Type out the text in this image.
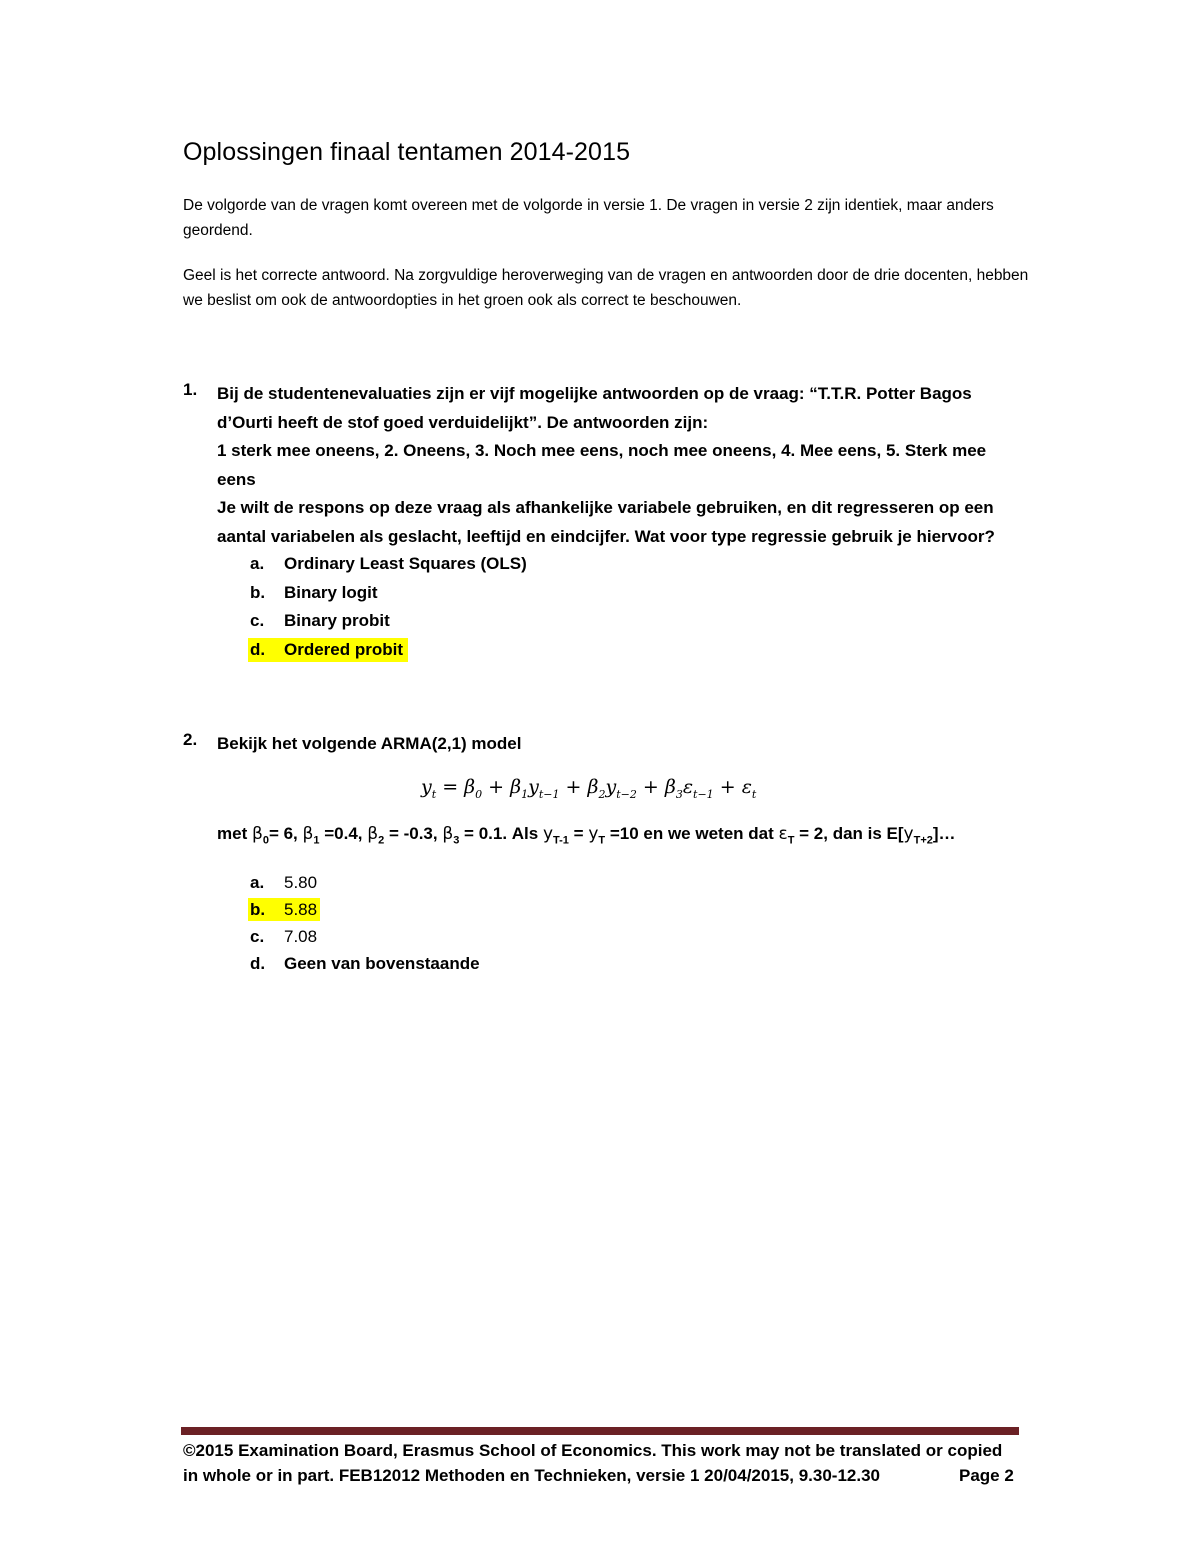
Oplossingen finaal tentamen 2014-2015

De volgorde van de vragen komt overeen met de volgorde in versie 1. De vragen in versie 2 zijn identiek, maar anders geordend.

Geel is het correcte antwoord. Na zorgvuldige heroverweging van de vragen en antwoorden door de drie docenten, hebben we beslist om ook de antwoordopties in het groen ook als correct te beschouwen.

1. Bij de studentenevaluaties zijn er vijf mogelijke antwoorden op de vraag: “T.T.R. Potter Bagos
d’Ourti heeft de stof goed verduidelijkt”. De antwoorden zijn:
1 sterk mee oneens, 2. Oneens, 3. Noch mee eens, noch mee oneens, 4. Mee eens, 5. Sterk mee
eens
Je wilt de respons op deze vraag als afhankelijke variabele gebruiken, en dit regresseren op een
aantal variabelen als geslacht, leeftijd en eindcijfer. Wat voor type regressie gebruik je hiervoor?
a. Ordinary Least Squares (OLS)
b. Binary logit
c. Binary probit
d. Ordered probit
2. Bekijk het volgende ARMA(2,1) model
$y_t = \beta_0 + \beta_1y_{t-1} + \beta_2y_{t-2} + \beta_3\varepsilon_{t-1} + \varepsilon_t$
met $\beta_0= 6$, $\beta_1 =0.4$, $\beta_2 = -0.3$, $\beta_3 = 0.1$. Als $y_{T-1} = y_T =10$ en we weten dat $\varepsilon_T = 2$, dan is $E[y_{T+2}]\dots$
a. 5.80
b. 5.88
c. 7.08
d. Geen van bovenstaande
©2015 Examination Board, Erasmus School of Economics. This work may not be translated or copied
in whole or in part. FEB12012 Methoden en Technieken, versie 1 20/04/2015, 9.30-12.30	Page 2
